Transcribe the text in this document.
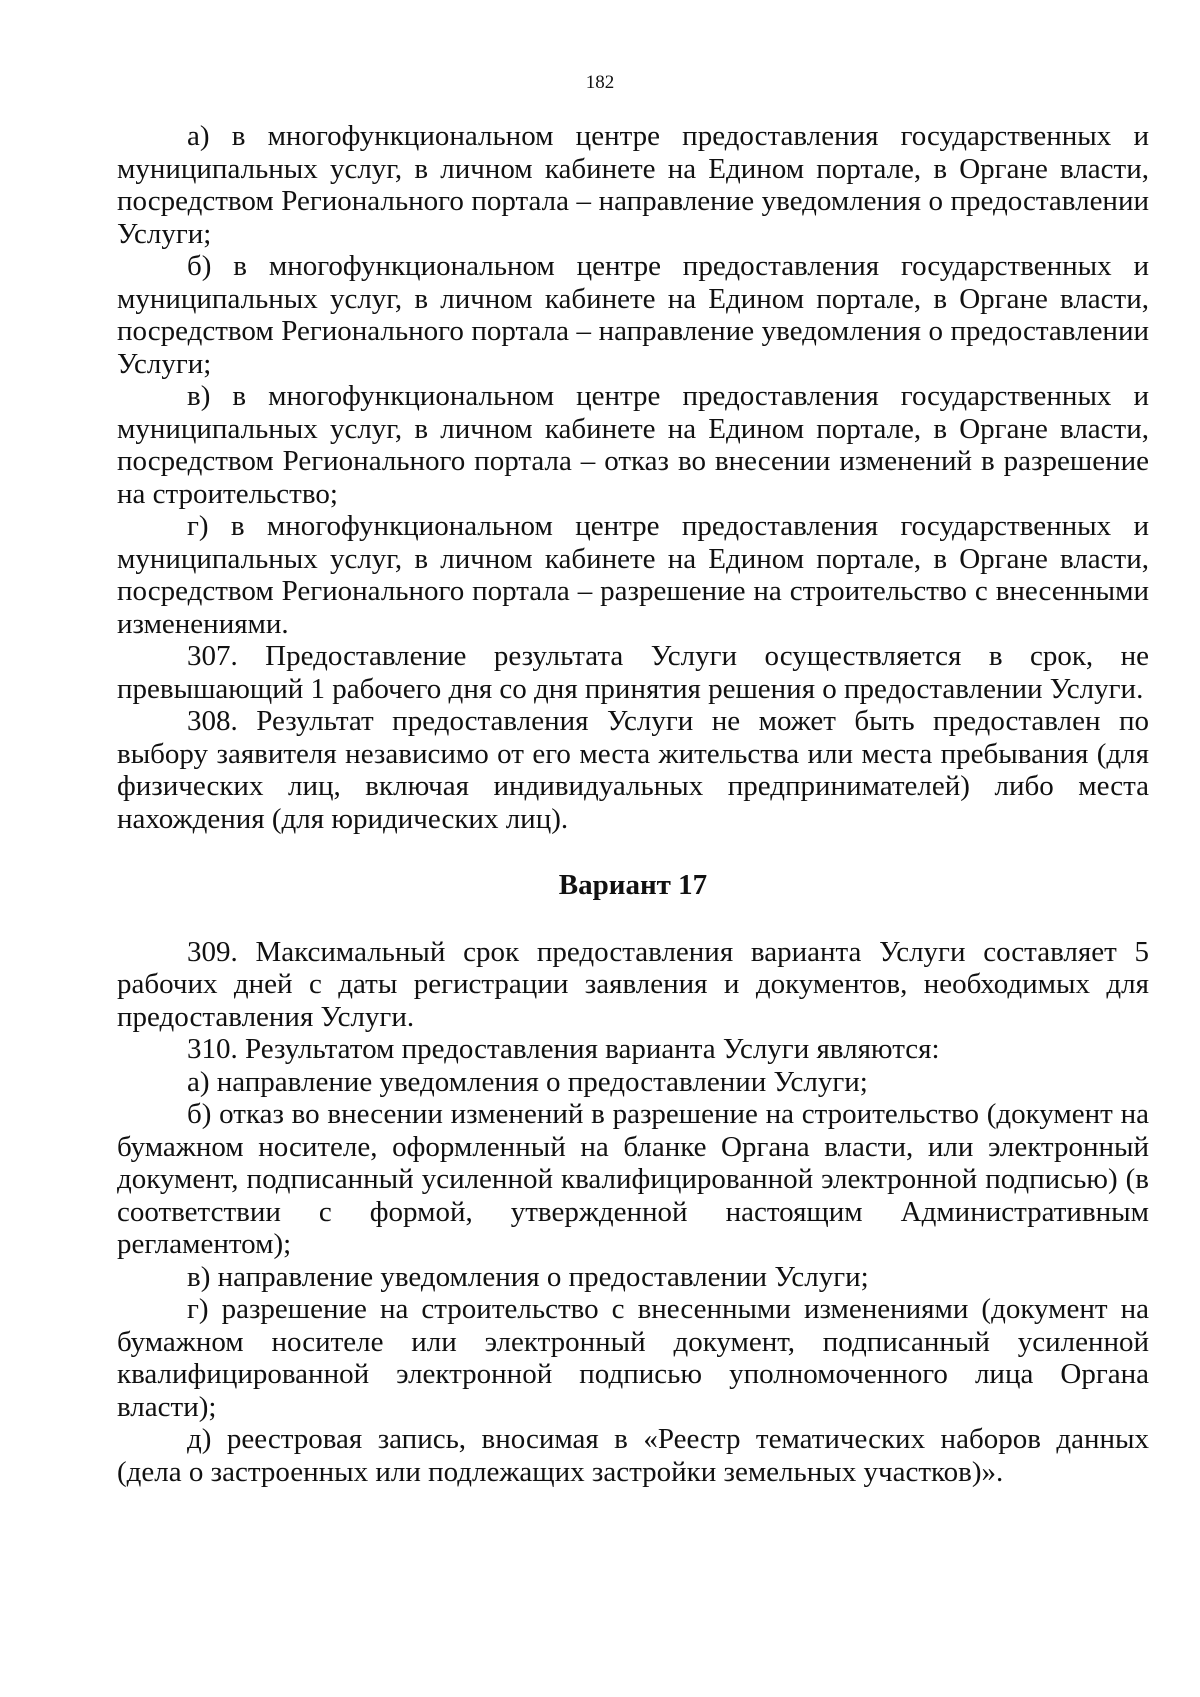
182

а) в многофункциональном центре предоставления государственных и муниципальных услуг, в личном кабинете на Едином портале, в Органе власти, посредством Регионального портала – направление уведомления о предоставлении Услуги;

б) в многофункциональном центре предоставления государственных и муниципальных услуг, в личном кабинете на Едином портале, в Органе власти, посредством Регионального портала – направление уведомления о предоставлении Услуги;

в) в многофункциональном центре предоставления государственных и муниципальных услуг, в личном кабинете на Едином портале, в Органе власти, посредством Регионального портала – отказ во внесении изменений в разрешение на строительство;

г) в многофункциональном центре предоставления государственных и муниципальных услуг, в личном кабинете на Едином портале, в Органе власти, посредством Регионального портала – разрешение на строительство с внесенными изменениями.

307. Предоставление результата Услуги осуществляется в срок, не превышающий 1 рабочего дня со дня принятия решения о предоставлении Услуги.

308. Результат предоставления Услуги не может быть предоставлен по выбору заявителя независимо от его места жительства или места пребывания (для физических лиц, включая индивидуальных предпринимателей) либо места нахождения (для юридических лиц).

Вариант 17

309. Максимальный срок предоставления варианта Услуги составляет 5 рабочих дней с даты регистрации заявления и документов, необходимых для предоставления Услуги.

310. Результатом предоставления варианта Услуги являются:

а) направление уведомления о предоставлении Услуги;

б) отказ во внесении изменений в разрешение на строительство (документ на бумажном носителе, оформленный на бланке Органа власти, или электронный документ, подписанный усиленной квалифицированной электронной подписью) (в соответствии с формой, утвержденной настоящим Административным регламентом);

в) направление уведомления о предоставлении Услуги;

г) разрешение на строительство с внесенными изменениями (документ на бумажном носителе или электронный документ, подписанный усиленной квалифицированной электронной подписью уполномоченного лица Органа власти);

д) реестровая запись, вносимая в «Реестр тематических наборов данных (дела о застроенных или подлежащих застройки земельных участков)».
